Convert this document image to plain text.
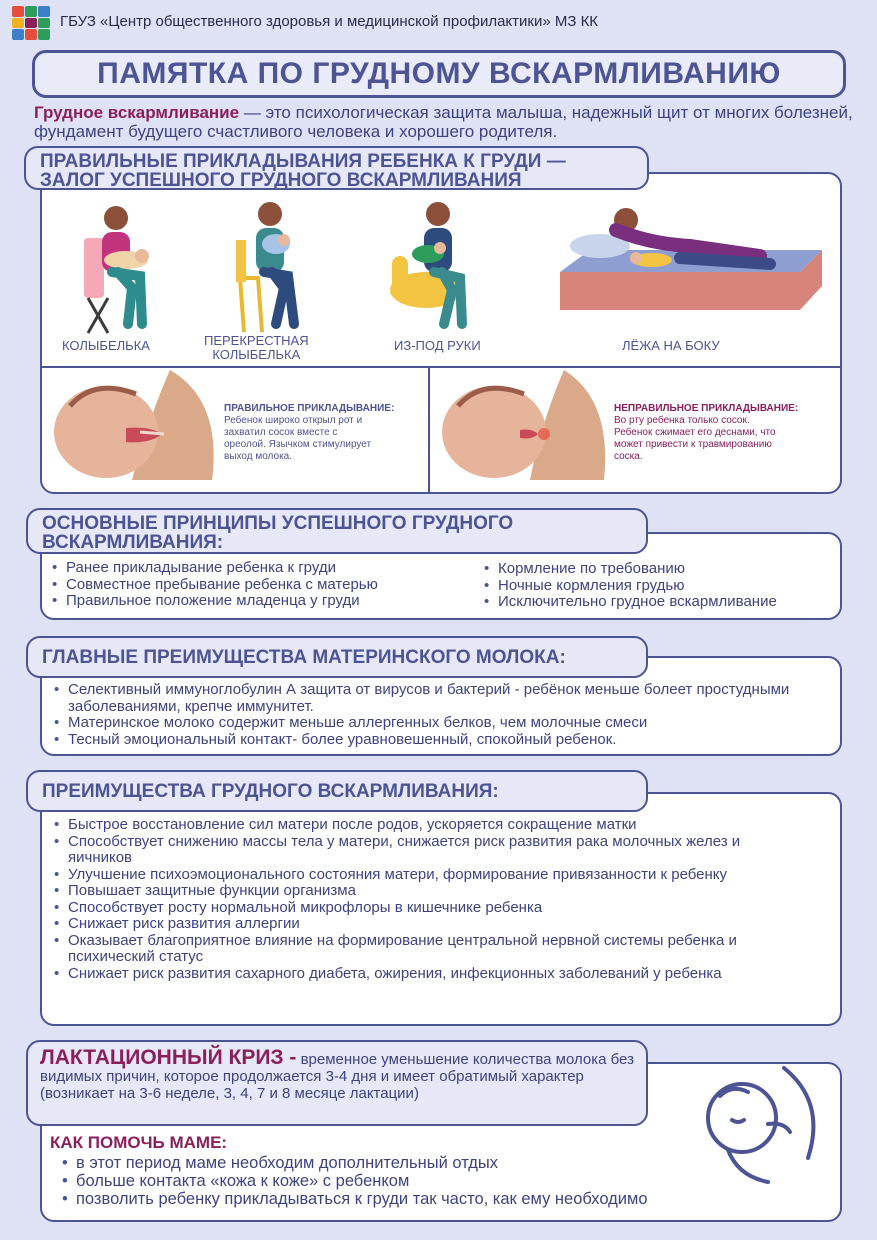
ГБУЗ «Центр общественного здоровья и медицинской профилактики» МЗ КК
ПАМЯТКА ПО ГРУДНОМУ ВСКАРМЛИВАНИЮ
Грудное вскармливание — это психологическая защита малыша, надежный щит от многих болезней, фундамент будущего счастливого человека и хорошего родителя.
ПРАВИЛЬНЫЕ ПРИКЛАДЫВАНИЯ РЕБЕНКА К ГРУДИ —
ЗАЛОГ УСПЕШНОГО ГРУДНОГО ВСКАРМЛИВАНИЯ
КОЛЫБЕЛЬКА	ПЕРЕКРЕСТНАЯ
КОЛЫБЕЛЬКА
ИЗ-ПОД РУКИ	ЛЁЖА НА БОКУ
ПРАВИЛЬНОЕ ПРИКЛАДЫВАНИЕ:
Ребенок широко открыл рот и
захватил сосок вместе с
ореолой. Язычком стимулирует
выход молока.
НЕПРАВИЛЬНОЕ ПРИКЛАДЫВАНИЕ:
Во рту ребенка только сосок.
Ребенок сжимает его деснами, что
может привести к травмированию
соска.
ОСНОВНЫЕ ПРИНЦИПЫ УСПЕШНОГО ГРУДНОГО
ВСКАРМЛИВАНИЯ:
• Ранее прикладывание ребенка к груди
• Совместное пребывание ребенка с матерью
• Правильное положение младенца у груди
• Кормление по требованию
• Ночные кормления грудью
• Исключительно грудное вскармливание
ГЛАВНЫЕ ПРЕИМУЩЕСТВА МАТЕРИНСКОГО МОЛОКА:
• Селективный иммуноглобулин А защита от вирусов и бактерий - ребёнок меньше болеет простудными заболеваниями, крепче иммунитет.
• Материнское молоко содержит меньше аллергенных белков, чем молочные смеси
• Тесный эмоциональный контакт- более уравновешенный, спокойный ребенок.
ПРЕИМУЩЕСТВА ГРУДНОГО ВСКАРМЛИВАНИЯ:
• Быстрое восстановление сил матери после родов, ускоряется сокращение матки
• Способствует снижению массы тела у матери, снижается риск развития рака молочных желез и яичников
• Улучшение психоэмоционального состояния матери, формирование привязанности к ребенку
• Повышает защитные функции организма
• Способствует росту нормальной микрофлоры в кишечнике ребенка
• Снижает риск развития аллергии
• Оказывает благоприятное влияние на формирование центральной нервной системы ребенка и психический статус
• Снижает риск развития сахарного диабета, ожирения, инфекционных заболеваний у ребенка
ЛАКТАЦИОННЫЙ КРИЗ - временное уменьшение количества молока без видимых причин, которое продолжается 3-4 дня и имеет обратимый характер (возникает на 3-6 неделе, 3, 4, 7 и 8 месяце лактации)
КАК ПОМОЧЬ МАМЕ:
• в этот период маме необходим дополнительный отдых
• больше контакта «кожа к коже» с ребенком
• позволить ребенку прикладываться к груди так часто, как ему необходимо
